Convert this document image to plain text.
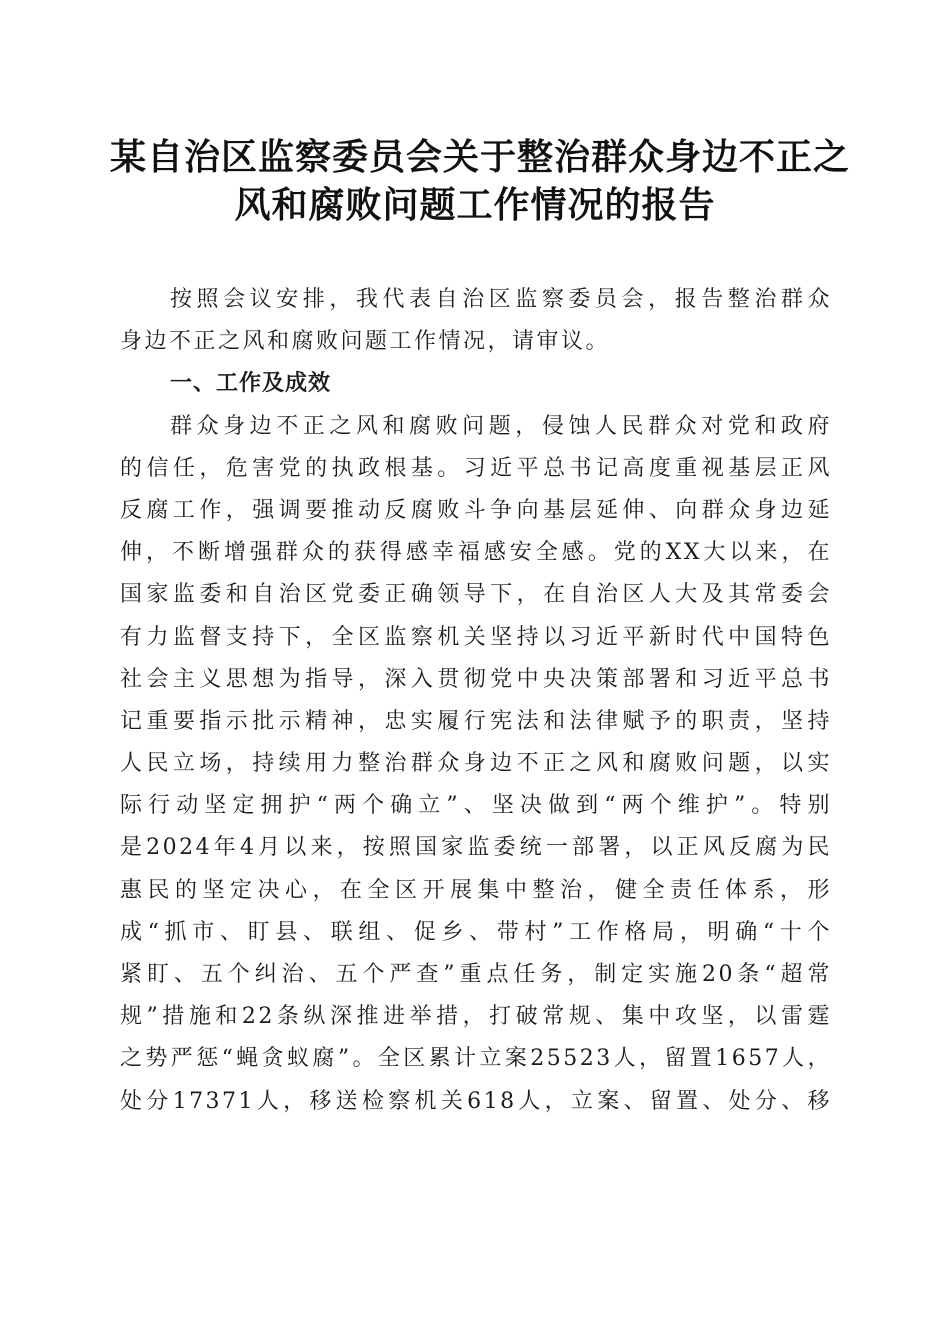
某自治区监察委员会关于整治群众身边不正之
风和腐败问题工作情况的报告
按照会议安排，我代表自治区监察委员会，报告整治群众
身边不正之风和腐败问题工作情况，请审议。
一、工作及成效
群众身边不正之风和腐败问题，侵蚀人民群众对党和政府
的信任，危害党的执政根基。习近平总书记高度重视基层正风
反腐工作，强调要推动反腐败斗争向基层延伸、向群众身边延
伸，不断增强群众的获得感幸福感安全感。党的XX大以来，在
国家监委和自治区党委正确领导下，在自治区人大及其常委会
有力监督支持下，全区监察机关坚持以习近平新时代中国特色
社会主义思想为指导，深入贯彻党中央决策部署和习近平总书
记重要指示批示精神，忠实履行宪法和法律赋予的职责，坚持
人民立场，持续用力整治群众身边不正之风和腐败问题，以实
际行动坚定拥护“两个确立”、坚决做到“两个维护”。特别
是2024年4月以来，按照国家监委统一部署，以正风反腐为民
惠民的坚定决心，在全区开展集中整治，健全责任体系，形
成“抓市、盯县、联组、促乡、带村”工作格局，明确“十个
紧盯、五个纠治、五个严查”重点任务，制定实施20条“超常
规”措施和22条纵深推进举措，打破常规、集中攻坚，以雷霆
之势严惩“蝇贪蚁腐”。全区累计立案25523人，留置1657人，
处分17371人，移送检察机关618人，立案、留置、处分、移
